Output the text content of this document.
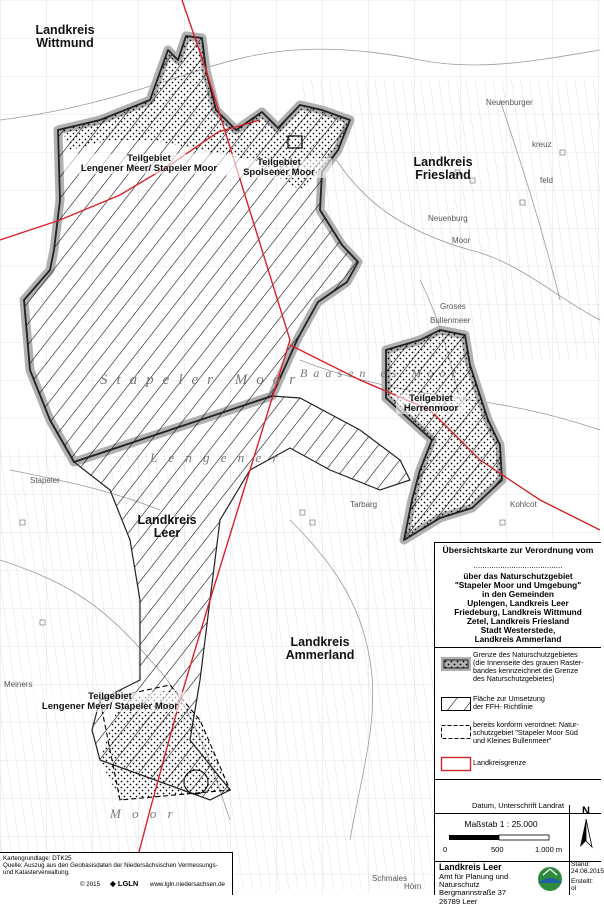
Landkreis
Wittmund
Landkreis
Friesland
Landkreis
Leer
Landkreis
Ammerland
Teilgebiet
Lengener Meer/ Stapeler Moor
Teilgebiet
Spolsener Moor
Teilgebiet
Herrenmoor
Teilgebiet
Lengener Meer/ Stapeler Moor
Stapeler Moor
Baasen es Moor
L e n g e n e r
M o o r
Neuenburger
Neuenburg
Moor
Groses
Bullenmeer
Tarbarg
Stapeler
Kohlcot
Meiners
kreuz
feld
Schmales
Hörn
Übersichtskarte zur Verordnung vom
........................................
über das Naturschutzgebiet
"Stapeler Moor und Umgebung"
in den Gemeinden
Uplengen, Landkreis Leer
Friedeburg, Landkreis Wittmund
Zetel, Landkreis Friesland
Stadt Westerstede,
Landkreis Ammerland
Grenze des Naturschutzgebietes
(die Innenseite des grauen Raster-
bandes kennzeichnet die Grenze
des Naturschutzgebietes)
Fläche zur Umsetzung
der FFH- Richtlinie
bereits konform verordnet: Natur-
schutzgebiet "Stapeler Moor Süd
und Kleines Bullenmeer"
Landkreisgrenze
Datum, Unterschrift Landrat
Maßstab 1 : 25.000
0	500	1.000 m
N
Landkreis Leer
Amt für Planung und
Naturschutz
Bergmannstraße 37
26789 Leer
Stand:
24.06.2015
Erstellt:
ol
Kartengrundlage: DTK25
Quelle: Auszug aus den Geobasisdaten der Niedersächsischen Vermessungs-
und Katasterverwaltung,
© 2015 ◆ LGLN www.lgln.niedersachsen.de
